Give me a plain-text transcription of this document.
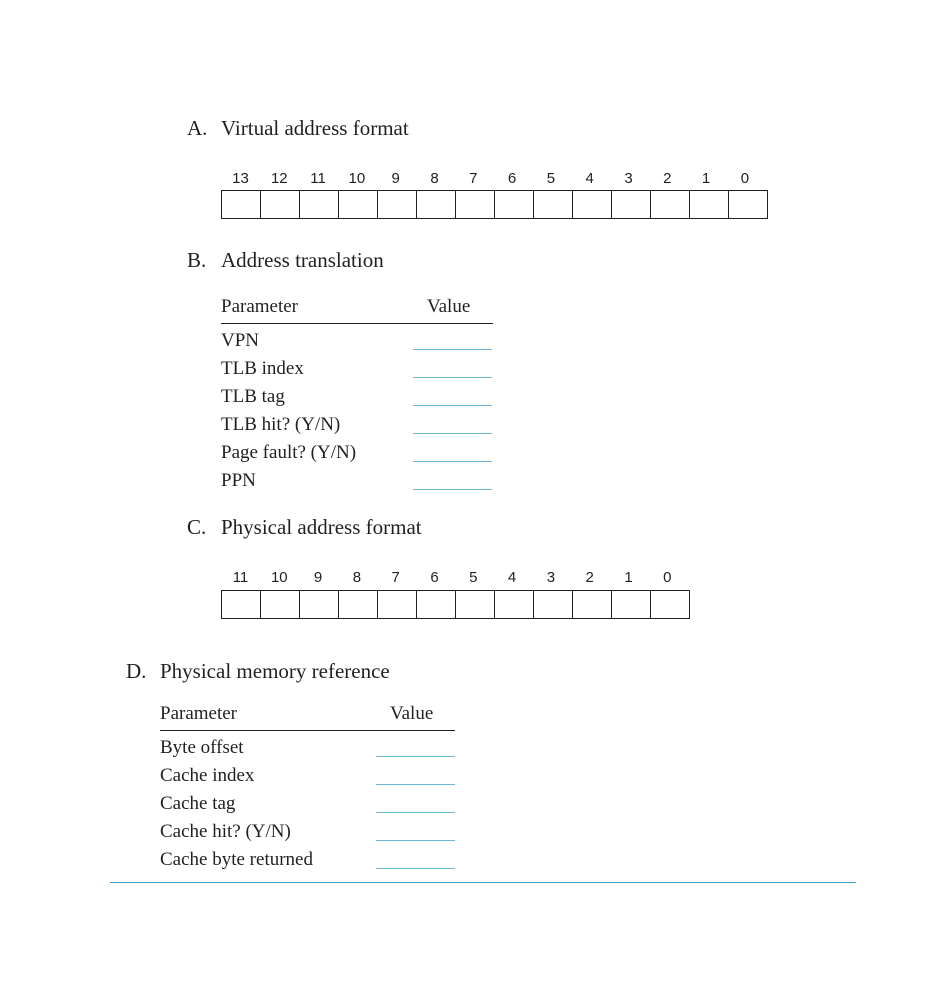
A. Virtual address format
13	12	11	10	9	8	7	6	5	4	3	2	1	0
B. Address translation
Parameter	Value
VPN
TLB index
TLB tag
TLB hit? (Y/N)
Page fault? (Y/N)
PPN
C. Physical address format
11	10	9	8	7	6	5	4	3	2	1	0
D. Physical memory reference
Parameter	Value
Byte offset
Cache index
Cache tag
Cache hit? (Y/N)
Cache byte returned
